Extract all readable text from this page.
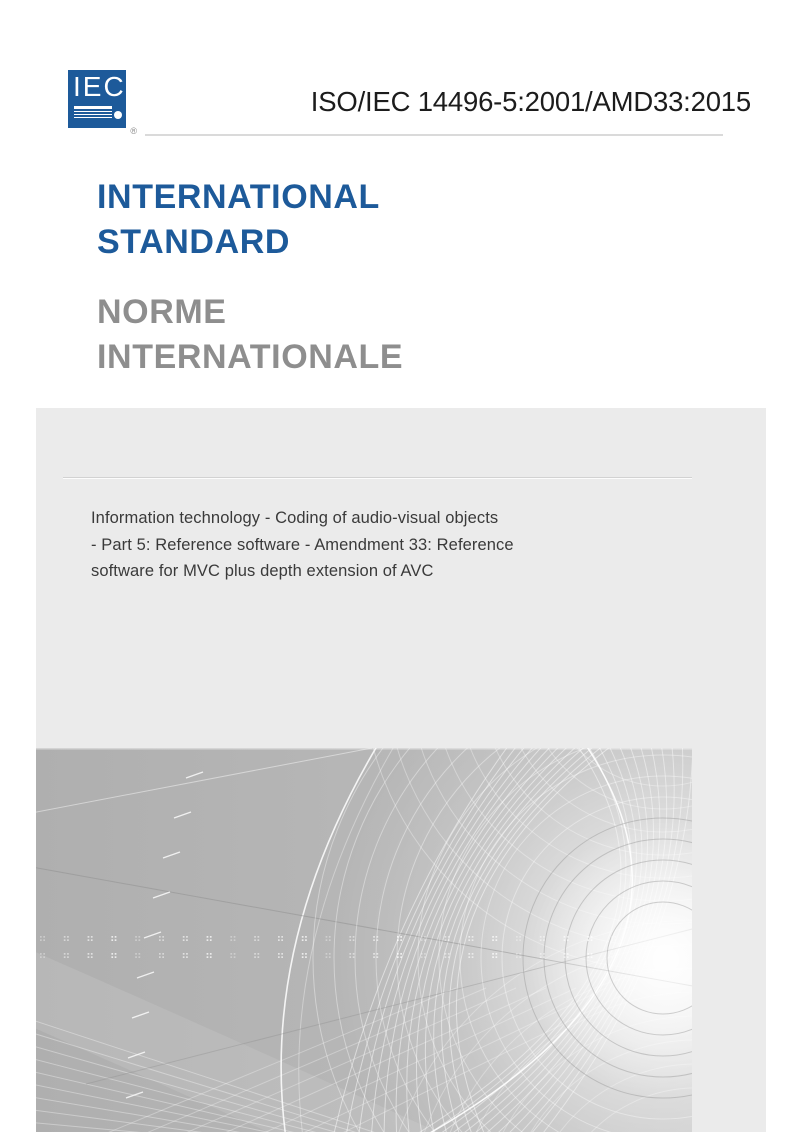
IEC
®
ISO/IEC 14496-5:2001/AMD33:2015
INTERNATIONAL
STANDARD
NORME
INTERNATIONALE

Information technology - Coding of audio-visual objects
- Part 5: Reference software - Amendment 33: Reference
software for MVC plus depth extension of AVC
